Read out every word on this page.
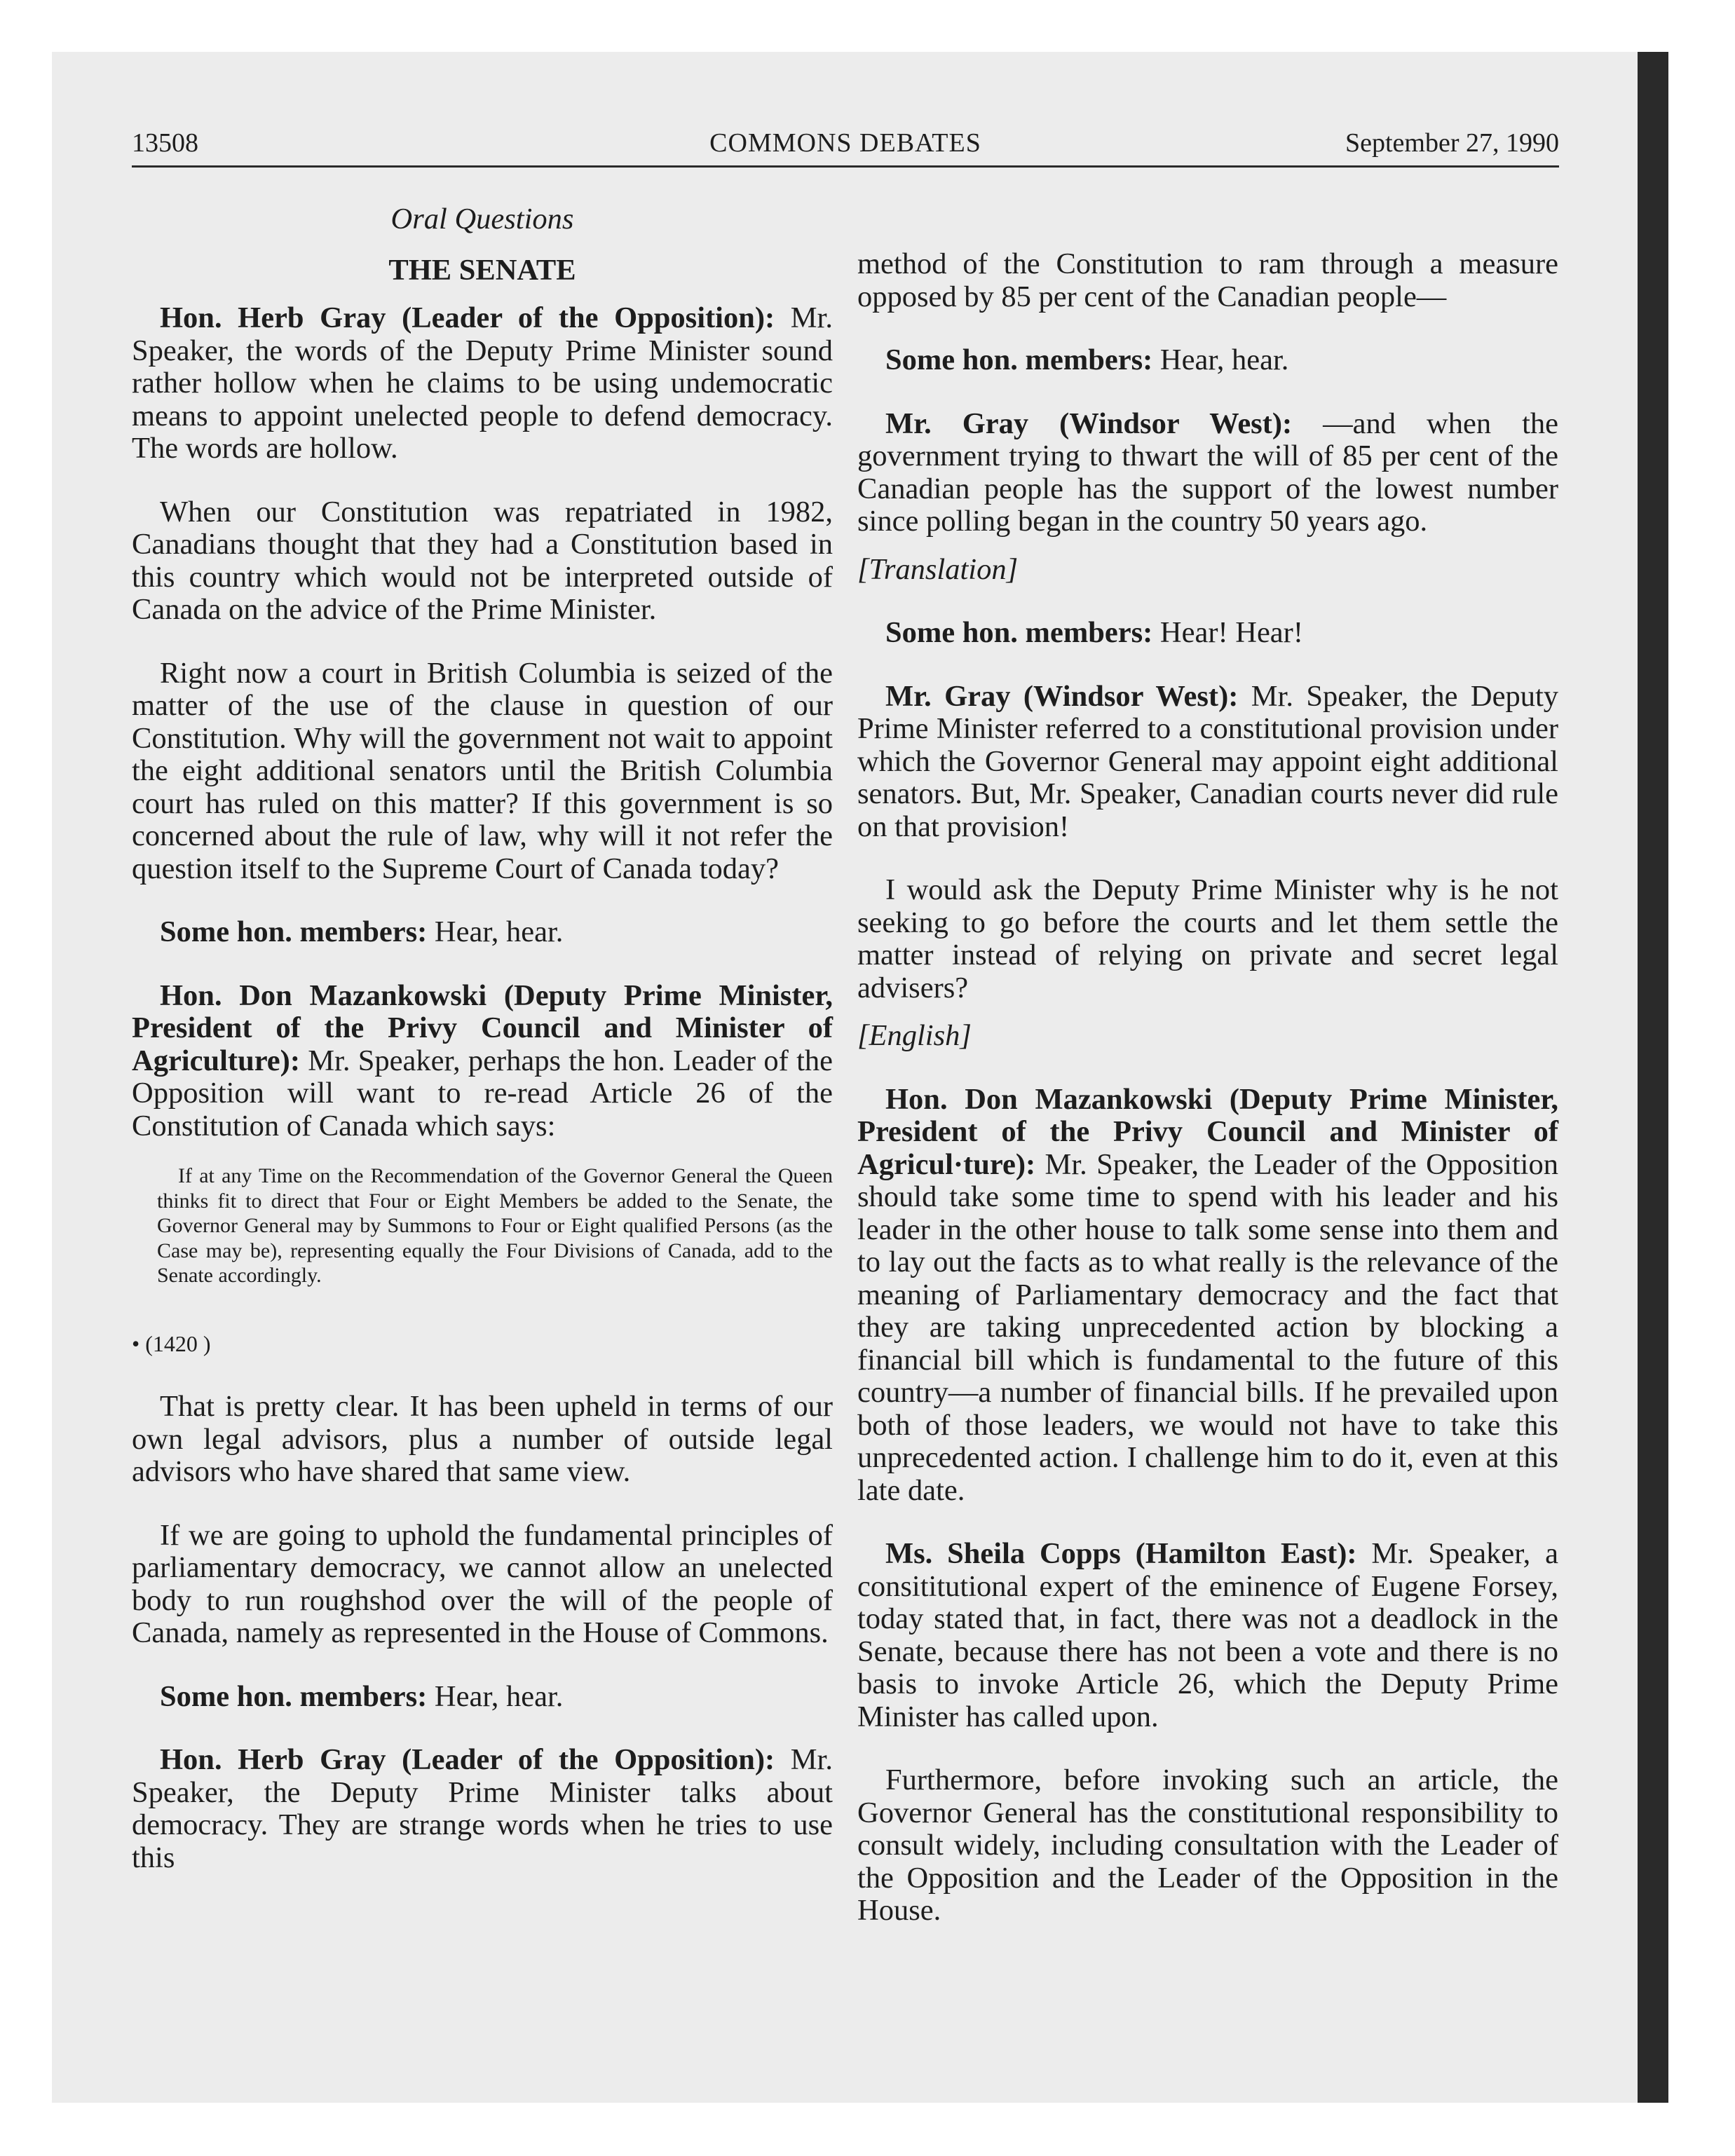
13508	COMMONS DEBATES	September 27, 1990

Oral Questions

THE SENATE

Hon. Herb Gray (Leader of the Opposition): Mr. Speaker, the words of the Deputy Prime Minister sound rather hollow when he claims to be using undemocratic means to appoint unelected people to defend democracy. The words are hollow.

When our Constitution was repatriated in 1982, Canadians thought that they had a Constitution based in this country which would not be interpreted outside of Canada on the advice of the Prime Minister.

Right now a court in British Columbia is seized of the matter of the use of the clause in question of our Constitution. Why will the government not wait to appoint the eight additional senators until the British Columbia court has ruled on this matter? If this government is so concerned about the rule of law, why will it not refer the question itself to the Supreme Court of Canada today?

Some hon. members: Hear, hear.

Hon. Don Mazankowski (Deputy Prime Minister, President of the Privy Council and Minister of Agriculture): Mr. Speaker, perhaps the hon. Leader of the Opposition will want to re-read Article 26 of the Constitution of Canada which says:

If at any Time on the Recommendation of the Governor General the Queen thinks fit to direct that Four or Eight Members be added to the Senate, the Governor General may by Summons to Four or Eight qualified Persons (as the Case may be), representing equally the Four Divisions of Canada, add to the Senate accordingly.

• (1420 )

That is pretty clear. It has been upheld in terms of our own legal advisors, plus a number of outside legal advisors who have shared that same view.

If we are going to uphold the fundamental principles of parliamentary democracy, we cannot allow an unelected body to run roughshod over the will of the people of Canada, namely as represented in the House of Commons.

Some hon. members: Hear, hear.

Hon. Herb Gray (Leader of the Opposition): Mr. Speaker, the Deputy Prime Minister talks about democracy. They are strange words when he tries to use this

method of the Constitution to ram through a measure opposed by 85 per cent of the Canadian people—

Some hon. members: Hear, hear.

Mr. Gray (Windsor West): —and when the government trying to thwart the will of 85 per cent of the Canadian people has the support of the lowest number since polling began in the country 50 years ago.

[Translation]

Some hon. members: Hear! Hear!

Mr. Gray (Windsor West): Mr. Speaker, the Deputy Prime Minister referred to a constitutional provision under which the Governor General may appoint eight additional senators. But, Mr. Speaker, Canadian courts never did rule on that provision!

I would ask the Deputy Prime Minister why is he not seeking to go before the courts and let them settle the matter instead of relying on private and secret legal advisers?

[English]

Hon. Don Mazankowski (Deputy Prime Minister, President of the Privy Council and Minister of Agricul·ture): Mr. Speaker, the Leader of the Opposition should take some time to spend with his leader and his leader in the other house to talk some sense into them and to lay out the facts as to what really is the relevance of the meaning of Parliamentary democracy and the fact that they are taking unprecedented action by blocking a financial bill which is fundamental to the future of this country—a number of financial bills. If he prevailed upon both of those leaders, we would not have to take this unprecedented action. I challenge him to do it, even at this late date.

Ms. Sheila Copps (Hamilton East): Mr. Speaker, a consititutional expert of the eminence of Eugene Forsey, today stated that, in fact, there was not a deadlock in the Senate, because there has not been a vote and there is no basis to invoke Article 26, which the Deputy Prime Minister has called upon.

Furthermore, before invoking such an article, the Governor General has the constitutional responsibility to consult widely, including consultation with the Leader of the Opposition and the Leader of the Opposition in the House.
